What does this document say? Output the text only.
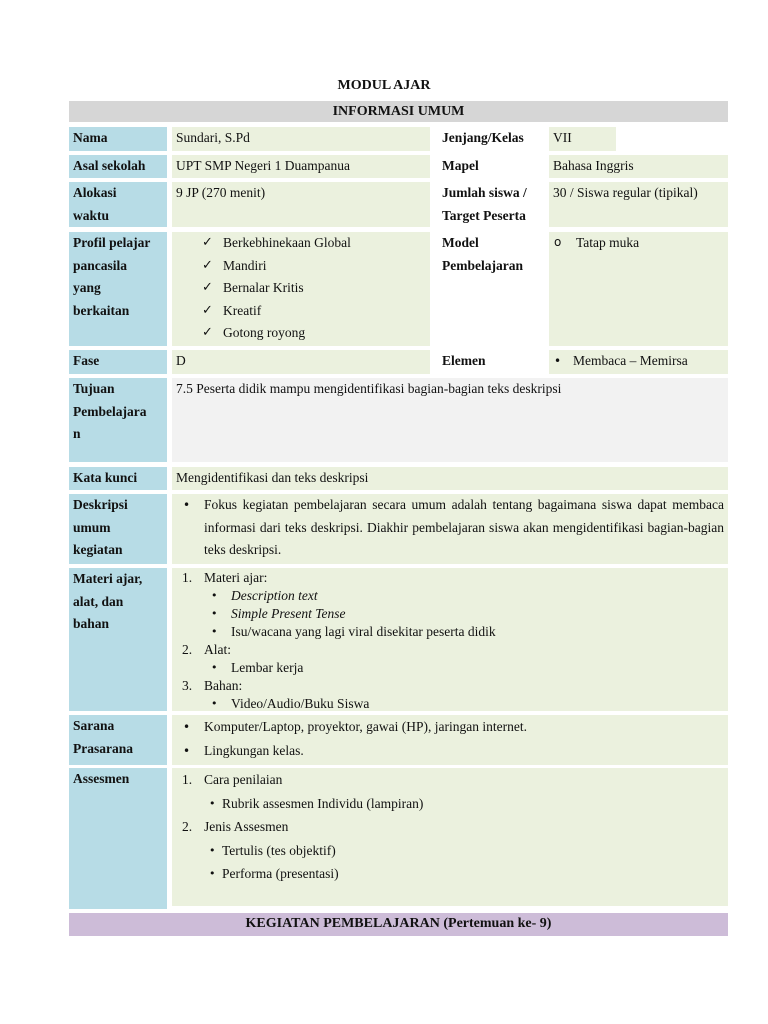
MODUL AJAR
INFORMASI UMUM
Nama	Sundari, S.Pd	Jenjang/Kelas	VII
Asal sekolah	UPT SMP Negeri 1 Duampanua	Mapel	Bahasa Inggris
Alokasi
waktu
9 JP (270 menit)	Jumlah siswa /
Target Peserta
30 / Siswa regular (tipikal)
Profil pelajar
pancasila
yang
berkaitan
✓ Berkebhinekaan Global
✓ Mandiri
✓ Bernalar Kritis
✓ Kreatif
✓ Gotong royong
Model
Pembelajaran
o Tatap muka
Fase	D	Elemen
•	Membaca – Memirsa
Tujuan
Pembelajara
n
7.5 Peserta didik mampu mengidentifikasi bagian-bagian teks deskripsi
Kata kunci	Mengidentifikasi dan teks deskripsi
Deskripsi
umum
kegiatan
• Fokus kegiatan pembelajaran secara umum adalah tentang bagaimana siswa dapat membaca informasi dari teks deskripsi. Diakhir pembelajaran siswa akan mengidentifikasi bagian-bagian teks deskripsi.
Materi ajar,
alat, dan
bahan
1. Materi ajar:
• Description text
• Simple Present Tense
• Isu/wacana yang lagi viral disekitar peserta didik
2. Alat:
• Lembar kerja
3. Bahan:
• Video/Audio/Buku Siswa
Sarana
Prasarana
• Komputer/Laptop, proyektor, gawai (HP), jaringan internet.
• Lingkungan kelas.
Assesmen	1. Cara penilaian
• Rubrik assesmen Individu (lampiran)
2. Jenis Assesmen
• Tertulis (tes objektif)
• Performa (presentasi)
KEGIATAN PEMBELAJARAN (Pertemuan ke- 9)
